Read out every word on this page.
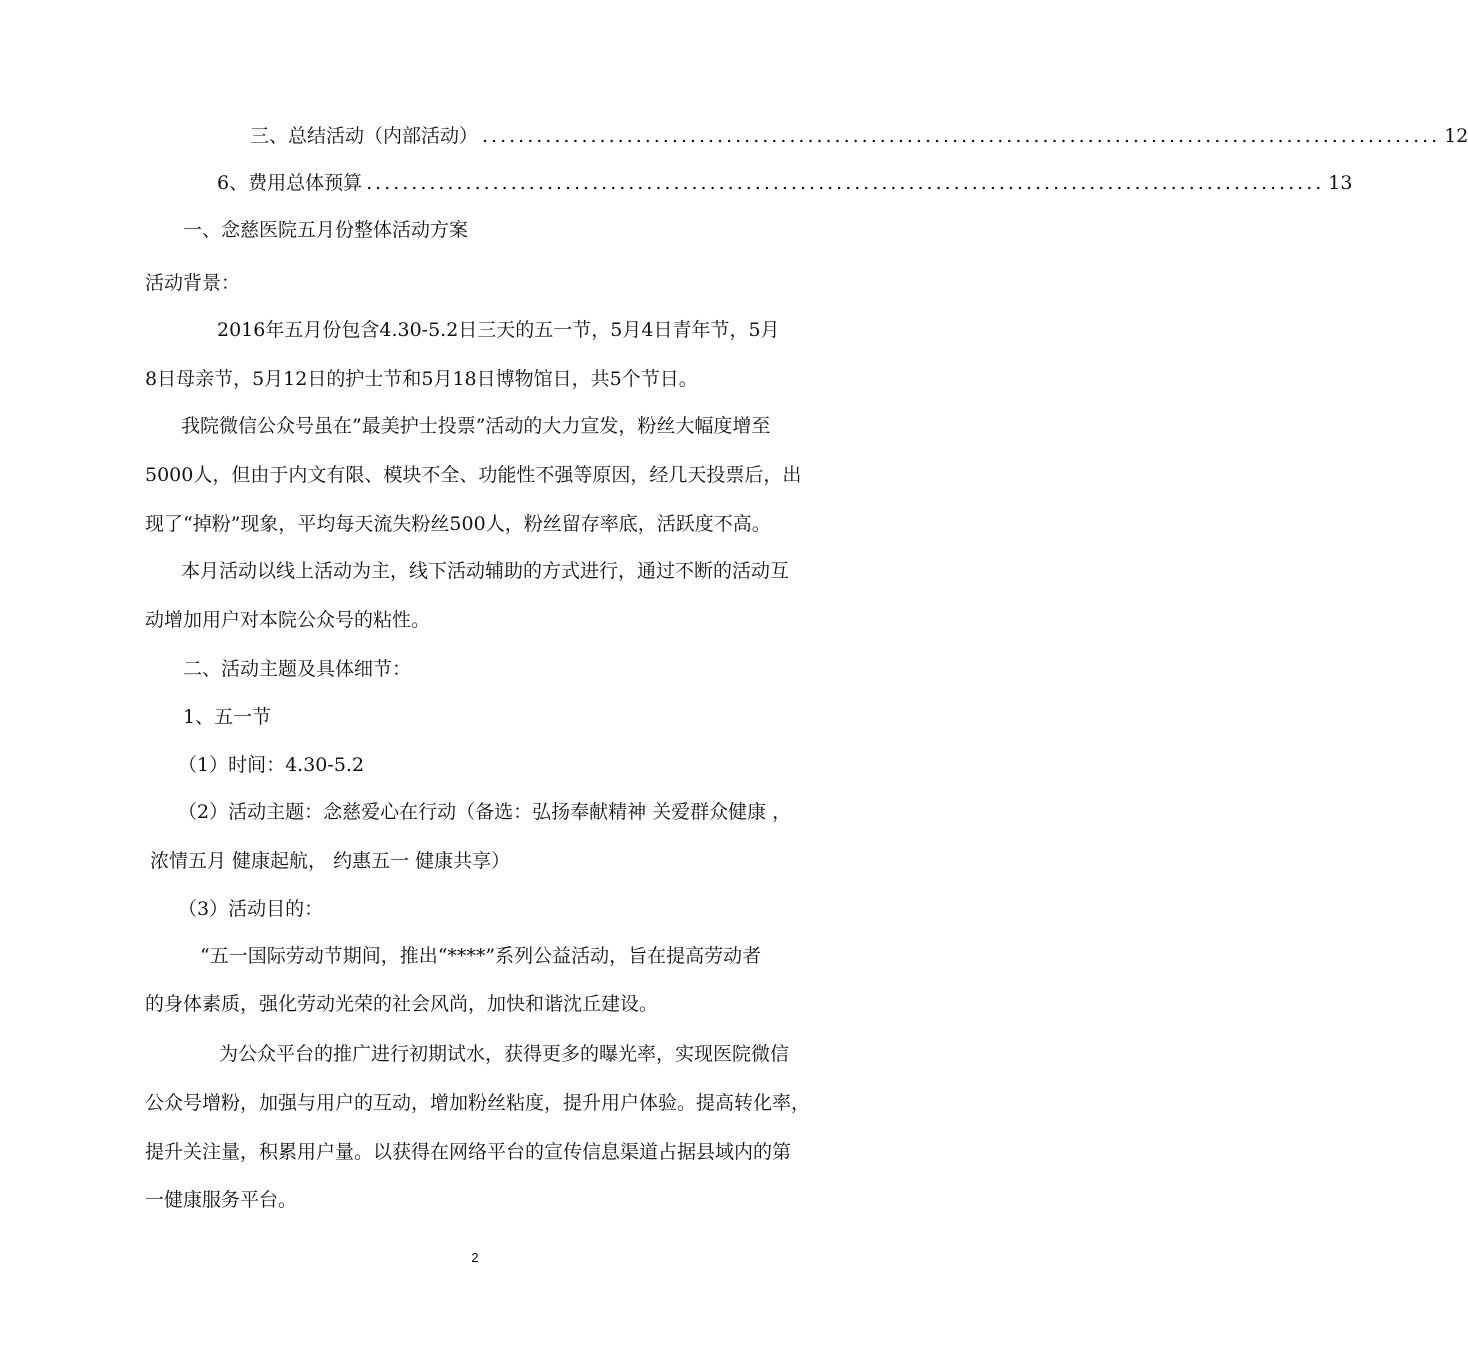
三、总结活动（内部活动） .......................................................................................................... 12
6、费用总体预算 .......................................................................................................... 13
一、念慈医院五月份整体活动方案
活动背景：
2016年五月份包含4.30-5.2日三天的五一节，5月4日青年节，5月
8日母亲节，5月12日的护士节和5月18日博物馆日，共5个节日。
我院微信公众号虽在”最美护士投票”活动的大力宣发，粉丝大幅度增至
5000人，但由于内文有限、模块不全、功能性不强等原因，经几天投票后，出
现了“掉粉”现象，平均每天流失粉丝500人，粉丝留存率底，活跃度不高。
本月活动以线上活动为主，线下活动辅助的方式进行，通过不断的活动互
动增加用户对本院公众号的粘性。
二、活动主题及具体细节：
1、五一节
（1）时间：4.30-5.2
（2）活动主题：念慈爱心在行动（备选：弘扬奉献精神 关爱群众健康 ，
浓情五月 健康起航， 约惠五一 健康共享）
（3）活动目的：
“五一国际劳动节期间，推出“****”系列公益活动，旨在提高劳动者
的身体素质，强化劳动光荣的社会风尚，加快和谐沈丘建设。
为公众平台的推广进行初期试水，获得更多的曝光率，实现医院微信
公众号增粉，加强与用户的互动，增加粉丝粘度，提升用户体验。提高转化率，
提升关注量，积累用户量。以获得在网络平台的宣传信息渠道占据县域内的第
一健康服务平台。
2
